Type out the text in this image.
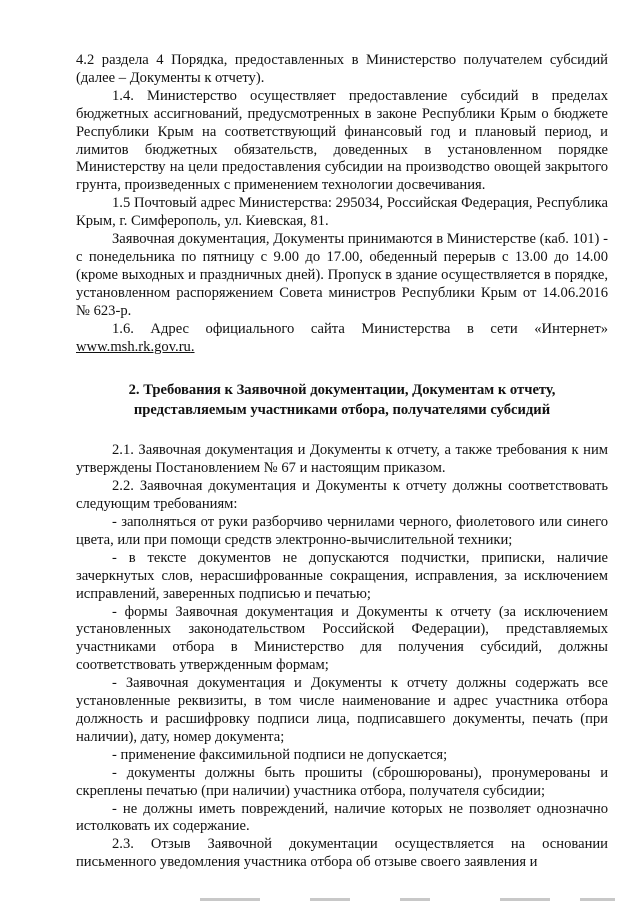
4.2 раздела 4 Порядка, предоставленных в Министерство получателем субсидий (далее – Документы к отчету).

1.4. Министерство осуществляет предоставление субсидий в пределах бюджетных ассигнований, предусмотренных в законе Республики Крым о бюджете Республики Крым на соответствующий финансовый год и плановый период, и лимитов бюджетных обязательств, доведенных в установленном порядке Министерству на цели предоставления субсидии на производство овощей закрытого грунта, произведенных с применением технологии досвечивания.

1.5 Почтовый адрес Министерства: 295034, Российская Федерация, Республика Крым, г. Симферополь, ул. Киевская, 81.

Заявочная документация, Документы принимаются в Министерстве (каб. 101) - с понедельника по пятницу с 9.00 до 17.00, обеденный перерыв с 13.00 до 14.00 (кроме выходных и праздничных дней). Пропуск в здание осуществляется в порядке, установленном распоряжением Совета министров Республики Крым от 14.06.2016 № 623-р.

1.6. Адрес официального сайта Министерства в сети «Интернет» www.msh.rk.gov.ru.

2. Требования к Заявочной документации, Документам к отчету,
представляемым участниками отбора, получателями субсидий

2.1. Заявочная документация и Документы к отчету, а также требования к ним утверждены Постановлением № 67 и настоящим приказом.

2.2. Заявочная документация и Документы к отчету должны соответствовать следующим требованиям:

- заполняться от руки разборчиво чернилами черного, фиолетового или синего цвета, или при помощи средств электронно-вычислительной техники;

- в тексте документов не допускаются подчистки, приписки, наличие зачеркнутых слов, нерасшифрованные сокращения, исправления, за исключением исправлений, заверенных подписью и печатью;

- формы Заявочная документация и Документы к отчету (за исключением установленных законодательством Российской Федерации), представляемых участниками отбора в Министерство для получения субсидий, должны соответствовать утвержденным формам;

- Заявочная документация и Документы к отчету должны содержать все установленные реквизиты, в том числе наименование и адрес участника отбора должность и расшифровку подписи лица, подписавшего документы, печать (при наличии), дату, номер документа;

- применение факсимильной подписи не допускается;

- документы должны быть прошиты (сброшюрованы), пронумерованы и скреплены печатью (при наличии) участника отбора, получателя субсидии;

- не должны иметь повреждений, наличие которых не позволяет однозначно истолковать их содержание.

2.3. Отзыв Заявочной документации осуществляется на основании письменного уведомления участника отбора об отзыве своего заявления и
